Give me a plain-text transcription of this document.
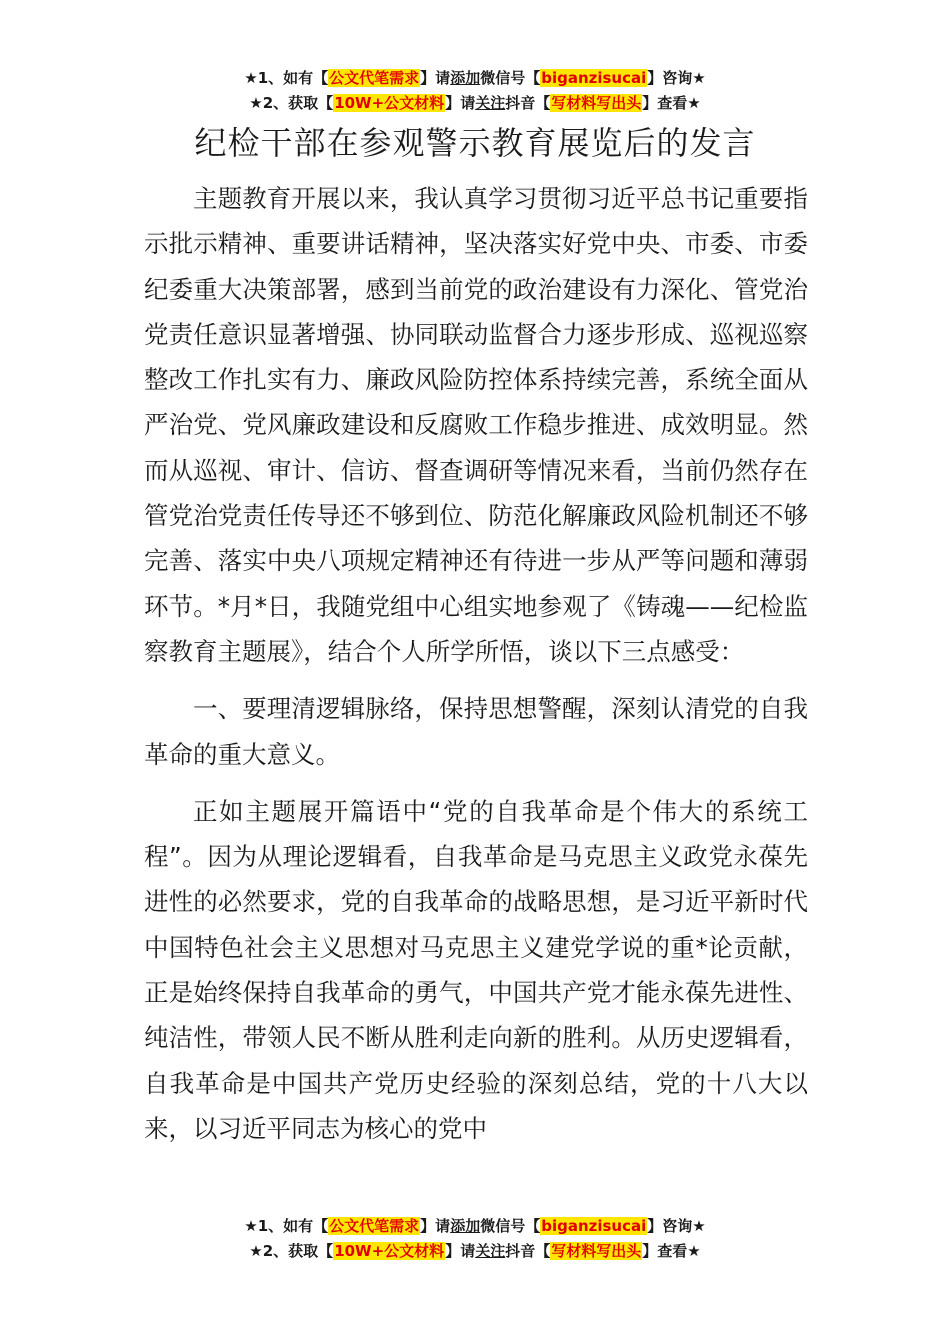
★1、如有【公文代笔需求】请添加微信号【biganzisucai】咨询★
★2、获取【10W+公文材料】请关注抖音【写材料写出头】查看★
纪检干部在参观警示教育展览后的发言

主题教育开展以来，我认真学习贯彻习近平总书记重要指示批示精神、重要讲话精神，坚决落实好党中央、市委、市委纪委重大决策部署，感到当前党的政治建设有力深化、管党治党责任意识显著增强、协同联动监督合力逐步形成、巡视巡察整改工作扎实有力、廉政风险防控体系持续完善，系统全面从严治党、党风廉政建设和反腐败工作稳步推进、成效明显。然而从巡视、审计、信访、督查调研等情况来看，当前仍然存在管党治党责任传导还不够到位、防范化解廉政风险机制还不够完善、落实中央八项规定精神还有待进一步从严等问题和薄弱环节。*月*日，我随党组中心组实地参观了《铸魂——纪检监察教育主题展》，结合个人所学所悟，谈以下三点感受：

一、要理清逻辑脉络，保持思想警醒，深刻认清党的自我革命的重大意义。

正如主题展开篇语中“党的自我革命是个伟大的系统工程”。因为从理论逻辑看，自我革命是马克思主义政党永葆先进性的必然要求，党的自我革命的战略思想，是习近平新时代中国特色社会主义思想对马克思主义建党学说的重*论贡献，正是始终保持自我革命的勇气，中国共产党才能永葆先进性、纯洁性，带领人民不断从胜利走向新的胜利。从历史逻辑看，自我革命是中国共产党历史经验的深刻总结，党的十八大以来，以习近平同志为核心的党中

★1、如有【公文代笔需求】请添加微信号【biganzisucai】咨询★
★2、获取【10W+公文材料】请关注抖音【写材料写出头】查看★
